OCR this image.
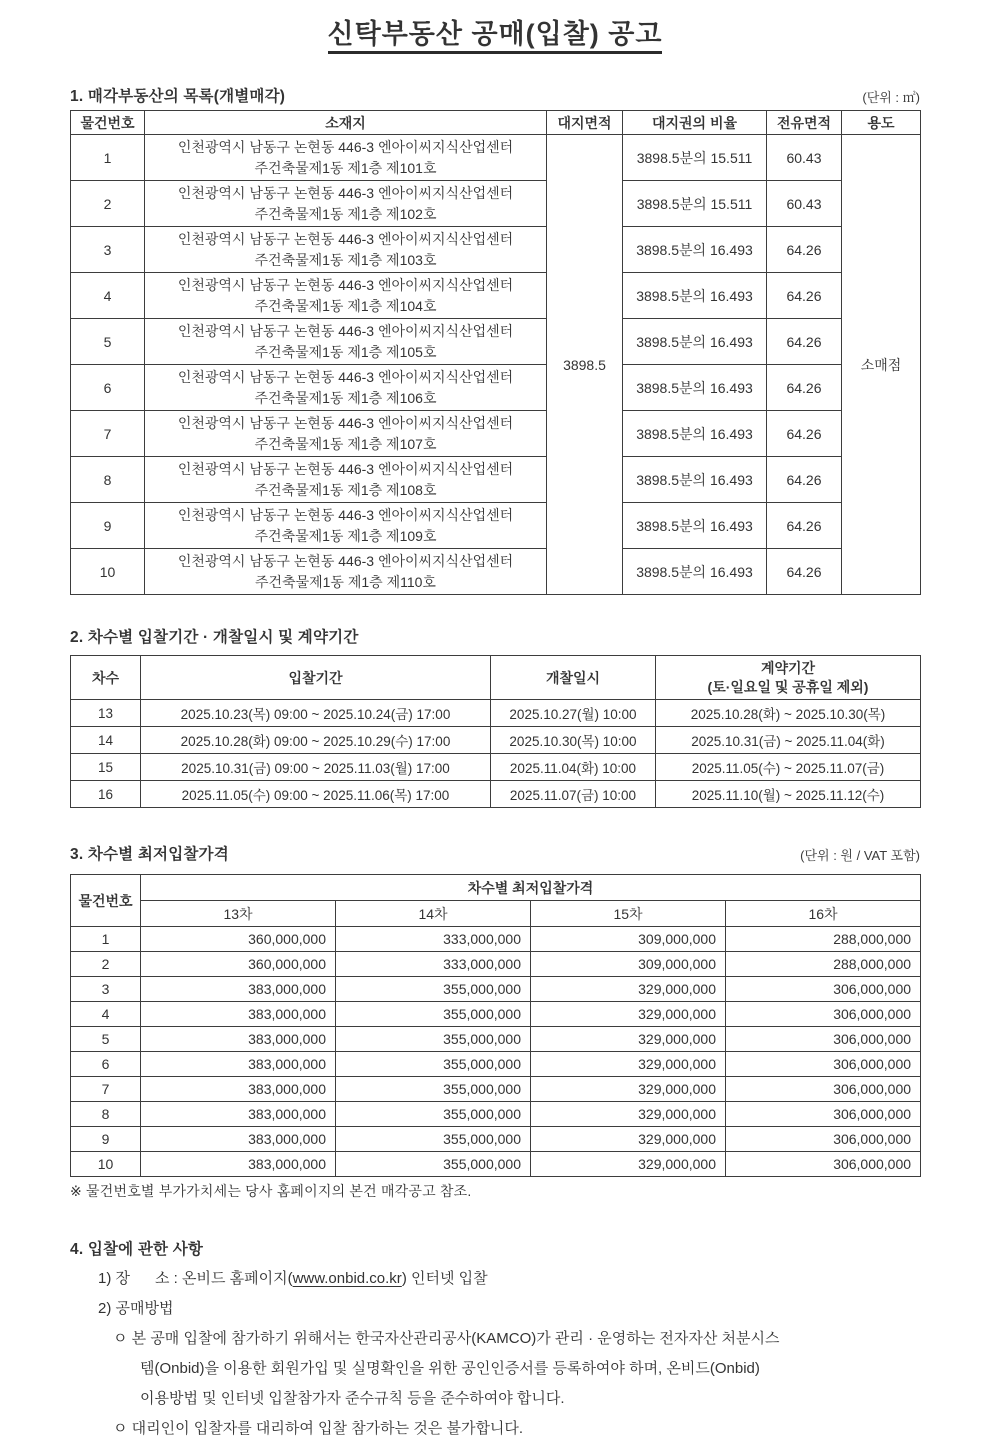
신탁부동산 공매(입찰) 공고
1. 매각부동산의 목록(개별매각)	(단위 : ㎡)
물건번호	소재지	대지면적	대지권의 비율	전유면적	용도
1	인천광역시 남동구 논현동 446-3 엔아이씨지식산업센터
주건축물제1동 제1층 제101호	3898.5	3898.5분의 15.511	60.43	소매점
2	인천광역시 남동구 논현동 446-3 엔아이씨지식산업센터
주건축물제1동 제1층 제102호		3898.5분의 15.511	60.43	
3	인천광역시 남동구 논현동 446-3 엔아이씨지식산업센터
주건축물제1동 제1층 제103호		3898.5분의 16.493	64.26	
4	인천광역시 남동구 논현동 446-3 엔아이씨지식산업센터
주건축물제1동 제1층 제104호		3898.5분의 16.493	64.26	
5	인천광역시 남동구 논현동 446-3 엔아이씨지식산업센터
주건축물제1동 제1층 제105호		3898.5분의 16.493	64.26	
6	인천광역시 남동구 논현동 446-3 엔아이씨지식산업센터
주건축물제1동 제1층 제106호		3898.5분의 16.493	64.26	
7	인천광역시 남동구 논현동 446-3 엔아이씨지식산업센터
주건축물제1동 제1층 제107호		3898.5분의 16.493	64.26	
8	인천광역시 남동구 논현동 446-3 엔아이씨지식산업센터
주건축물제1동 제1층 제108호		3898.5분의 16.493	64.26	
9	인천광역시 남동구 논현동 446-3 엔아이씨지식산업센터
주건축물제1동 제1층 제109호		3898.5분의 16.493	64.26	
10	인천광역시 남동구 논현동 446-3 엔아이씨지식산업센터
주건축물제1동 제1층 제110호		3898.5분의 16.493	64.26	
2. 차수별 입찰기간 · 개찰일시 및 계약기간
차수	입찰기간	개찰일시	계약기간
(토·일요일 및 공휴일 제외)

13	2025.10.23(목) 09:00 ~ 2025.10.24(금) 17:00	2025.10.27(월) 10:00	2025.10.28(화) ~ 2025.10.30(목)
14	2025.10.28(화) 09:00 ~ 2025.10.29(수) 17:00	2025.10.30(목) 10:00	2025.10.31(금) ~ 2025.11.04(화)
15	2025.10.31(금) 09:00 ~ 2025.11.03(월) 17:00	2025.11.04(화) 10:00	2025.11.05(수) ~ 2025.11.07(금)
16	2025.11.05(수) 09:00 ~ 2025.11.06(목) 17:00	2025.11.07(금) 10:00	2025.11.10(월) ~ 2025.11.12(수)
3. 차수별 최저입찰가격	(단위 : 원 / VAT 포함)
물건번호	차수별 최저입찰가격			
	13차	14차	15차	16차
1	360,000,000	333,000,000	309,000,000	288,000,000
2	360,000,000	333,000,000	309,000,000	288,000,000
3	383,000,000	355,000,000	329,000,000	306,000,000
4	383,000,000	355,000,000	329,000,000	306,000,000
5	383,000,000	355,000,000	329,000,000	306,000,000
6	383,000,000	355,000,000	329,000,000	306,000,000
7	383,000,000	355,000,000	329,000,000	306,000,000
8	383,000,000	355,000,000	329,000,000	306,000,000
9	383,000,000	355,000,000	329,000,000	306,000,000
10	383,000,000	355,000,000	329,000,000	306,000,000
※ 물건번호별 부가가치세는 당사 홈페이지의 본건 매각공고 참조.
4. 입찰에 관한 사항
1) 장      소 : 온비드 홈페이지(www.onbid.co.kr) 인터넷 입찰
2) 공매방법
ㅇ 본 공매 입찰에 참가하기 위해서는 한국자산관리공사(KAMCO)가 관리 · 운영하는 전자자산 처분시스
템(Onbid)을 이용한 회원가입 및 실명확인을 위한 공인인증서를 등록하여야 하며, 온비드(Onbid)
이용방법 및 인터넷 입찰참가자 준수규칙 등을 준수하여야 합니다.
ㅇ 대리인이 입찰자를 대리하여 입찰 참가하는 것은 불가합니다.
